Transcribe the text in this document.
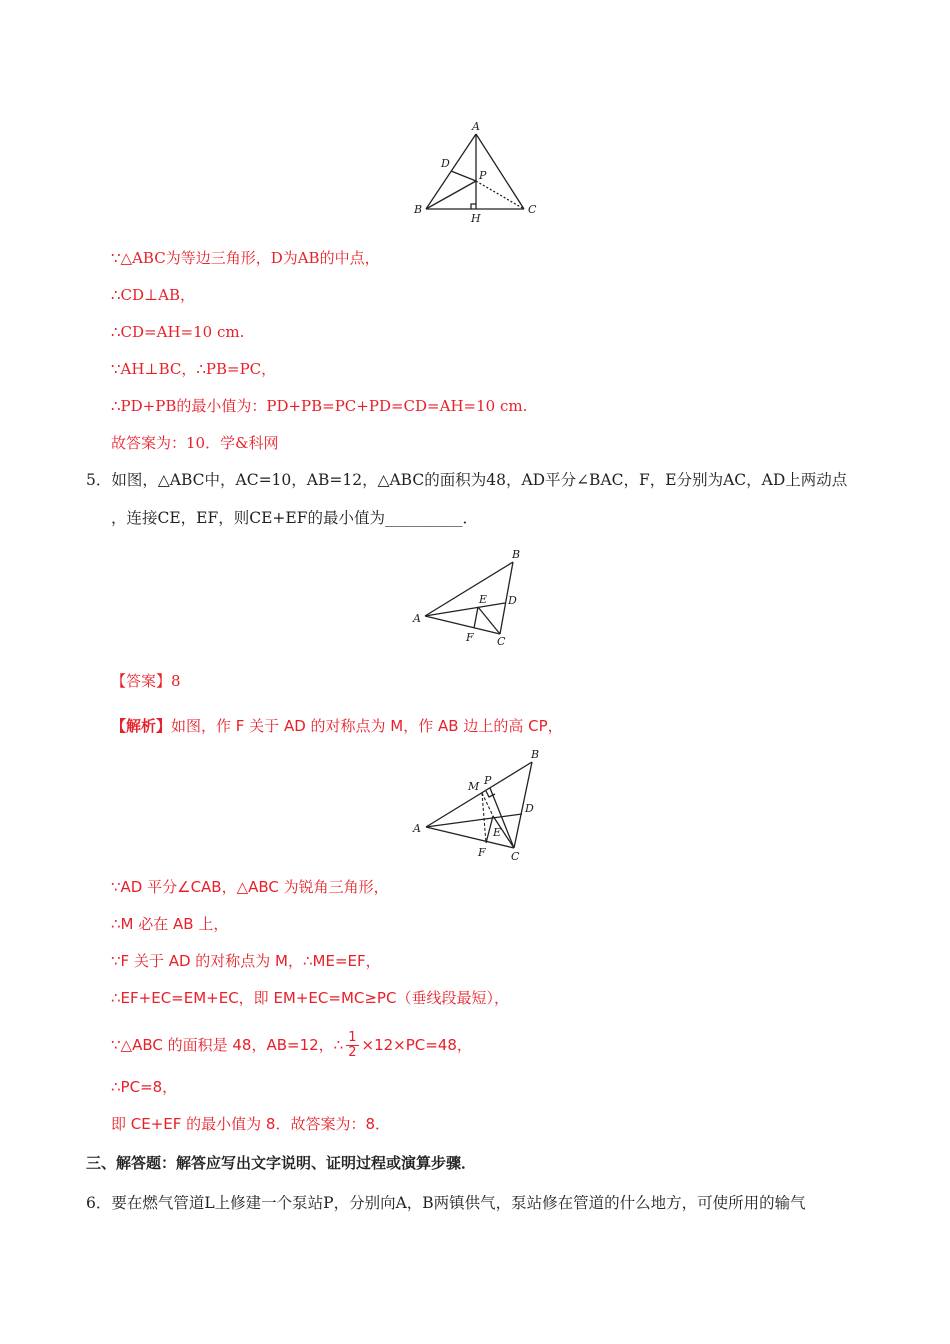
A
D
P
B
H
C
∵△ABC为等边三角形，D为AB的中点，
∴CD⊥AB，
∴CD=AH=10 cm.
∵AH⊥BC，∴PB=PC，
∴PD+PB的最小值为：PD+PB=PC+PD=CD=AH=10 cm.
故答案为：10．学&科网
5．如图，△ABC中，AC=10，AB=12，△ABC的面积为48，AD平分∠BAC，F，E分别为AC，AD上两动点
，连接CE，EF，则CE+EF的最小值为__________．
B
E D
A
F C
【答案】8
【解析】如图，作 F 关于 AD 的对称点为 M，作 AB 边上的高 CP，
B
M P
D
E
A
F C
∵AD 平分∠CAB，△ABC 为锐角三角形，
∴M 必在 AB 上，
∵F 关于 AD 的对称点为 M，∴ME=EF，
∴EF+EC=EM+EC，即 EM+EC=MC≥PC（垂线段最短），
∵△ABC 的面积是 48，AB=12，∴ $\frac{1}{2} \times 12\times PC=48$，
∴PC=8，
即 CE+EF 的最小值为 8．故答案为：8．
三、解答题：解答应写出文字说明、证明过程或演算步骤．
6．要在燃气管道L上修建一个泵站P，分别向A，B两镇供气，泵站修在管道的什么地方，可使所用的输气
